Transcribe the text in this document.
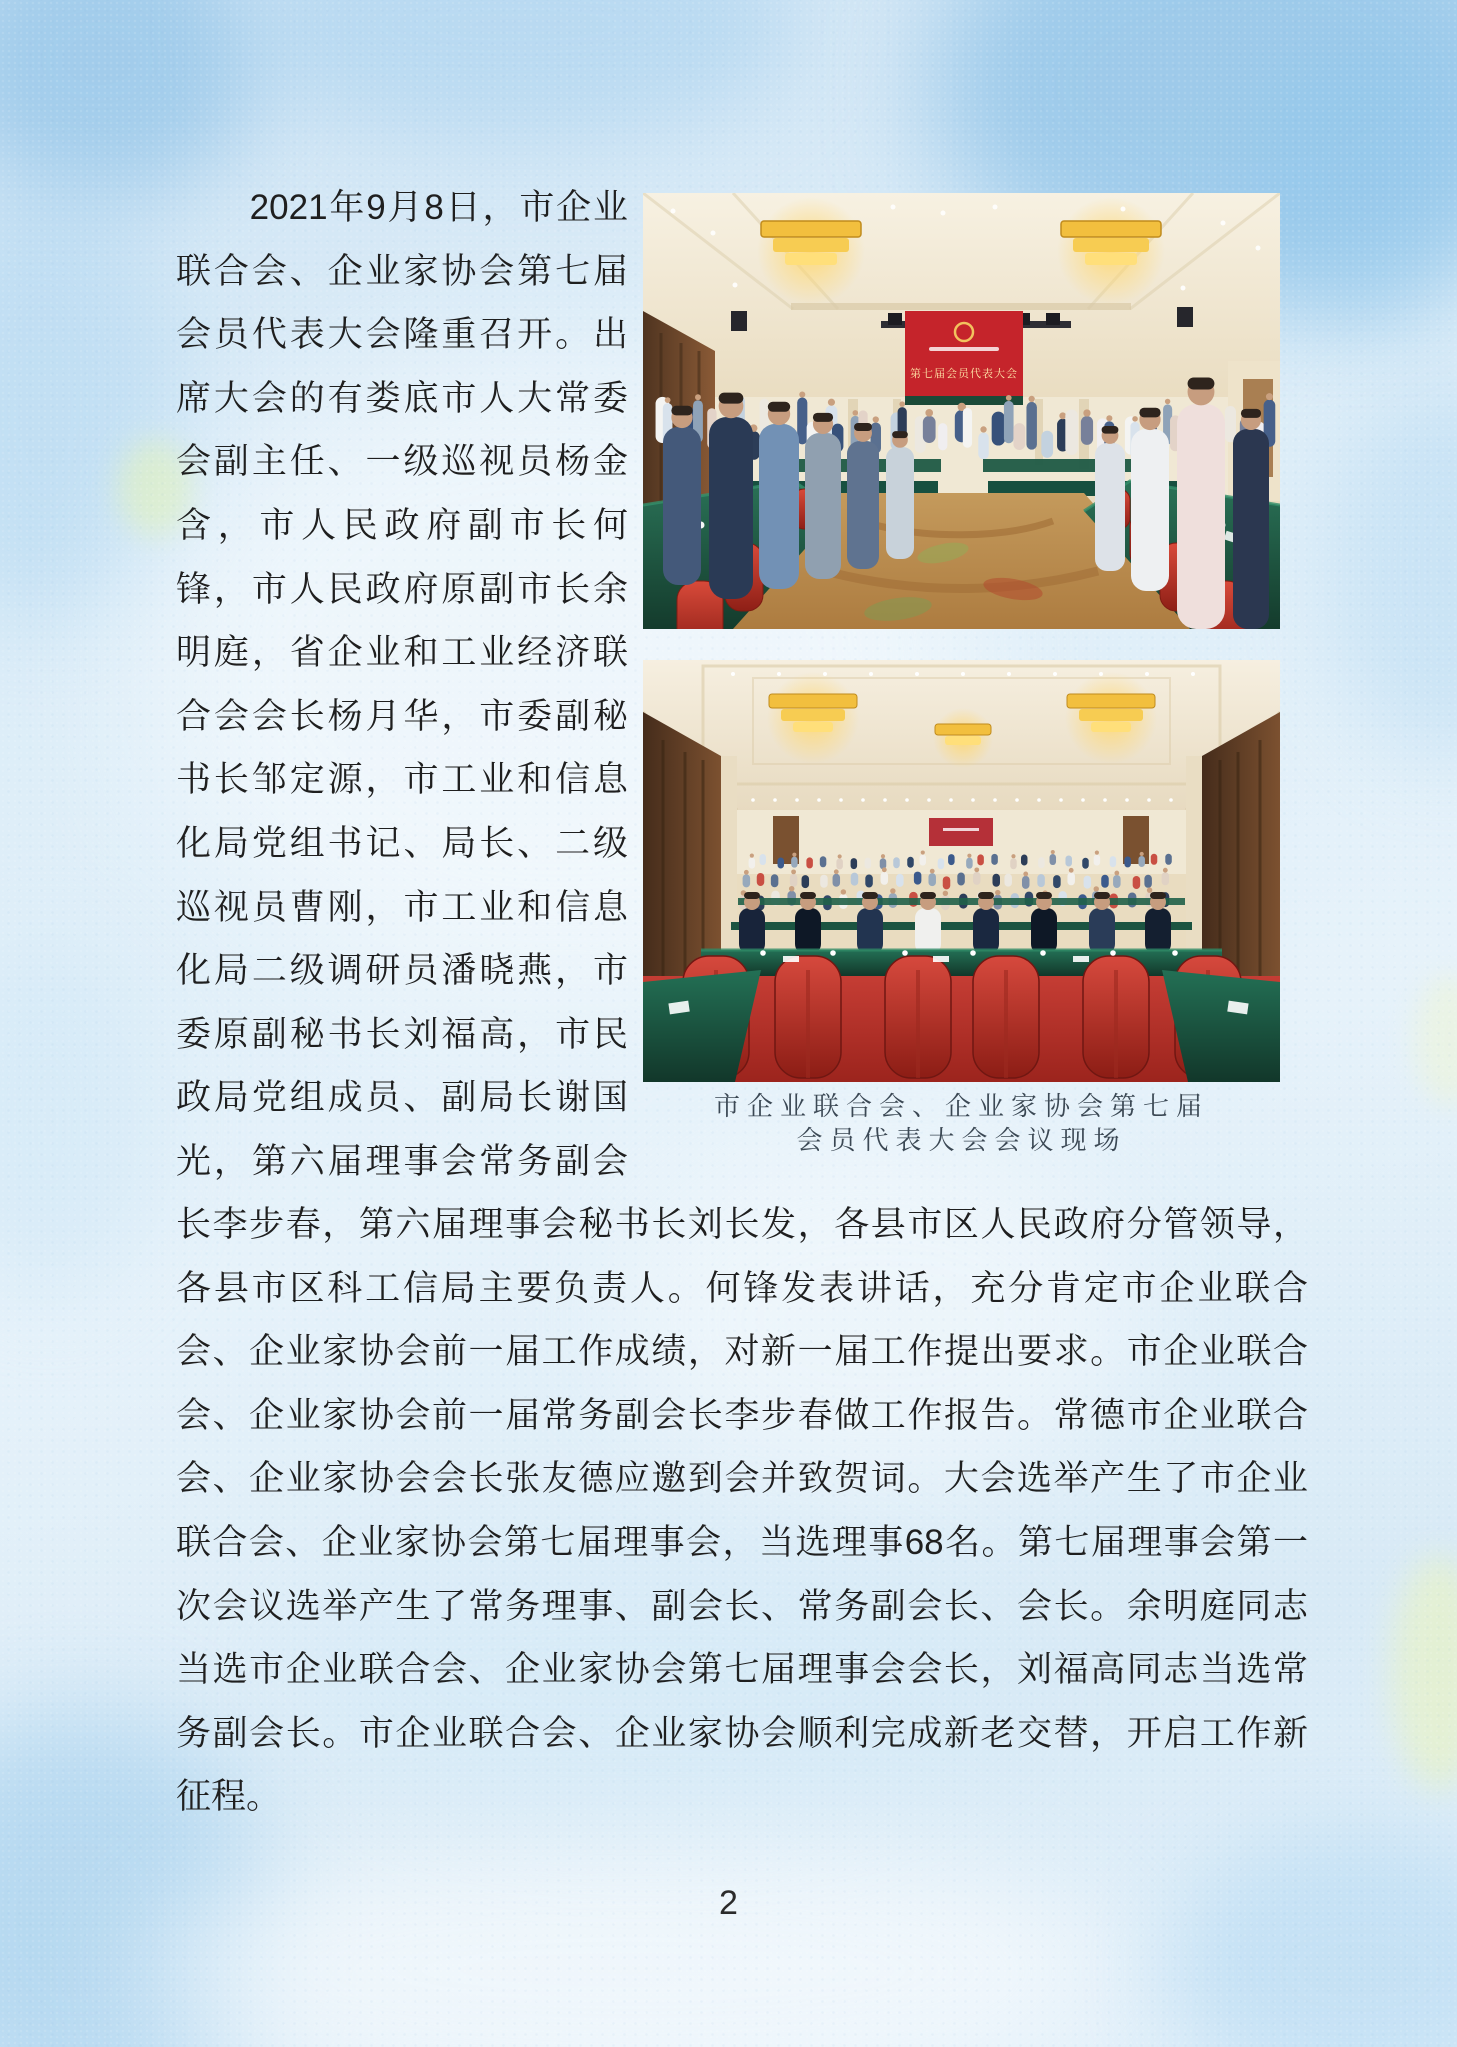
　　2021年9月8日，市企业
联合会、企业家协会第七届
会员代表大会隆重召开。出
席大会的有娄底市人大常委
会副主任、一级巡视员杨金
含，市人民政府副市长何
锋，市人民政府原副市长余
明庭，省企业和工业经济联
合会会长杨月华，市委副秘
书长邹定源，市工业和信息
化局党组书记、局长、二级
巡视员曹刚，市工业和信息
化局二级调研员潘晓燕，市
委原副秘书长刘福高，市民
政局党组成员、副局长谢国
光，第六届理事会常务副会
第七届会员代表大会
市企业联合会、企业家协会第七届
会员代表大会会议现场
长李步春，第六届理事会秘书长刘长发，各县市区人民政府分管领导，
各县市区科工信局主要负责人。何锋发表讲话，充分肯定市企业联合
会、企业家协会前一届工作成绩，对新一届工作提出要求。市企业联合
会、企业家协会前一届常务副会长李步春做工作报告。常德市企业联合
会、企业家协会会长张友德应邀到会并致贺词。大会选举产生了市企业
联合会、企业家协会第七届理事会，当选理事68名。第七届理事会第一
次会议选举产生了常务理事、副会长、常务副会长、会长。余明庭同志
当选市企业联合会、企业家协会第七届理事会会长，刘福高同志当选常
务副会长。市企业联合会、企业家协会顺利完成新老交替，开启工作新
征程。
2
